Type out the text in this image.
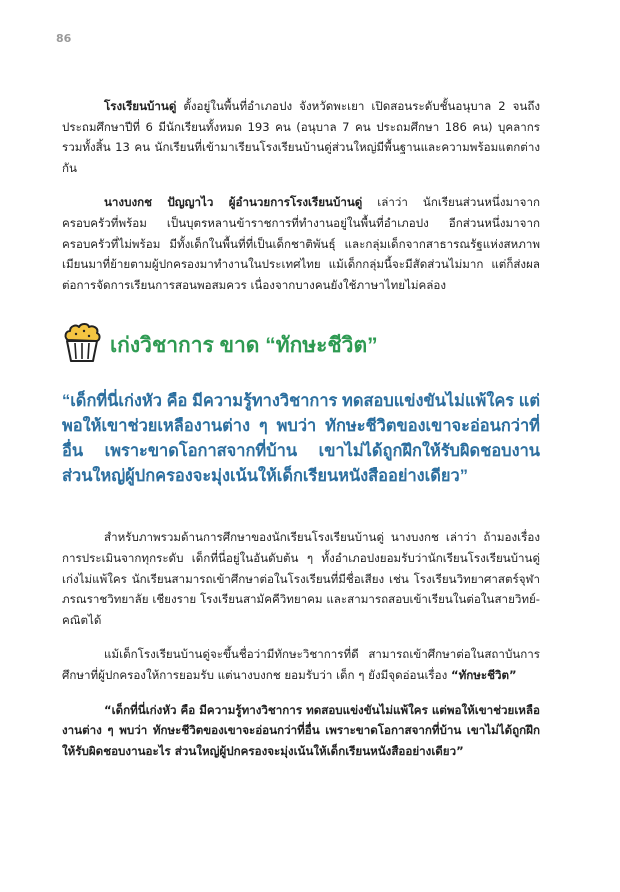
86

โรงเรียนบ้านดู่ ตั้งอยู่ในพื้นที่อำเภอปง จังหวัดพะเยา เปิดสอนระดับชั้นอนุบาล 2 จนถึงประถมศึกษาปีที่ 6 มีนักเรียนทั้งหมด 193 คน (อนุบาล 7 คน ประถมศึกษา 186 คน) บุคลากรรวมทั้งสิ้น 13 คน นักเรียนที่เข้ามาเรียนโรงเรียนบ้านดู่ส่วนใหญ่มีพื้นฐานและความพร้อมแตกต่างกัน

นางบงกช ปัญญาไว ผู้อำนวยการโรงเรียนบ้านดู่ เล่าว่า นักเรียนส่วนหนึ่งมาจากครอบครัวที่พร้อม เป็นบุตรหลานข้าราชการที่ทำงานอยู่ในพื้นที่อำเภอปง อีกส่วนหนึ่งมาจากครอบครัวที่ไม่พร้อม มีทั้งเด็กในพื้นที่ที่เป็นเด็กชาติพันธุ์ และกลุ่มเด็กจากสาธารณรัฐแห่งสหภาพเมียนมาที่ย้ายตามผู้ปกครองมาทำงานในประเทศไทย แม้เด็กกลุ่มนี้จะมีสัดส่วนไม่มาก แต่ก็ส่งผลต่อการจัดการเรียนการสอนพอสมควร เนื่องจากบางคนยังใช้ภาษาไทยไม่คล่อง

เก่งวิชาการ ขาด “ทักษะชีวิต”
“เด็กที่นี่เก่งหัว คือ มีความรู้ทางวิชาการ ทดสอบแข่งขันไม่แพ้ใคร แต่พอให้เขาช่วยเหลืองานต่าง ๆ พบว่า ทักษะชีวิตของเขาจะอ่อนกว่าที่อื่น เพราะขาดโอกาสจากที่บ้าน เขาไม่ได้ถูกฝึกให้รับผิดชอบงาน ส่วนใหญ่ผู้ปกครองจะมุ่งเน้นให้เด็กเรียนหนังสืออย่างเดียว”

สำหรับภาพรวมด้านการศึกษาของนักเรียนโรงเรียนบ้านดู่ นางบงกช เล่าว่า ถ้ามองเรื่องการประเมินจากทุกระดับ เด็กที่นี่อยู่ในอันดับต้น ๆ ทั้งอำเภอปงยอมรับว่านักเรียนโรงเรียนบ้านดู่เก่งไม่แพ้ใคร นักเรียนสามารถเข้าศึกษาต่อในโรงเรียนที่มีชื่อเสียง เช่น โรงเรียนวิทยาศาสตร์จุฬาภรณราชวิทยาลัย เชียงราย โรงเรียนสามัคคีวิทยาคม และสามารถสอบเข้าเรียนในต่อในสายวิทย์-คณิตได้

แม้เด็กโรงเรียนบ้านดู่จะขึ้นชื่อว่ามีทักษะวิชาการที่ดี สามารถเข้าศึกษาต่อในสถาบันการศึกษาที่ผู้ปกครองให้การยอมรับ แต่นางบงกช ยอมรับว่า เด็ก ๆ ยังมีจุดอ่อนเรื่อง “ทักษะชีวิต”

“เด็กที่นี่เก่งหัว คือ มีความรู้ทางวิชาการ ทดสอบแข่งขันไม่แพ้ใคร แต่พอให้เขาช่วยเหลืองานต่าง ๆ พบว่า ทักษะชีวิตของเขาจะอ่อนกว่าที่อื่น เพราะขาดโอกาสจากที่บ้าน เขาไม่ได้ถูกฝึกให้รับผิดชอบงานอะไร ส่วนใหญ่ผู้ปกครองจะมุ่งเน้นให้เด็กเรียนหนังสืออย่างเดียว”
